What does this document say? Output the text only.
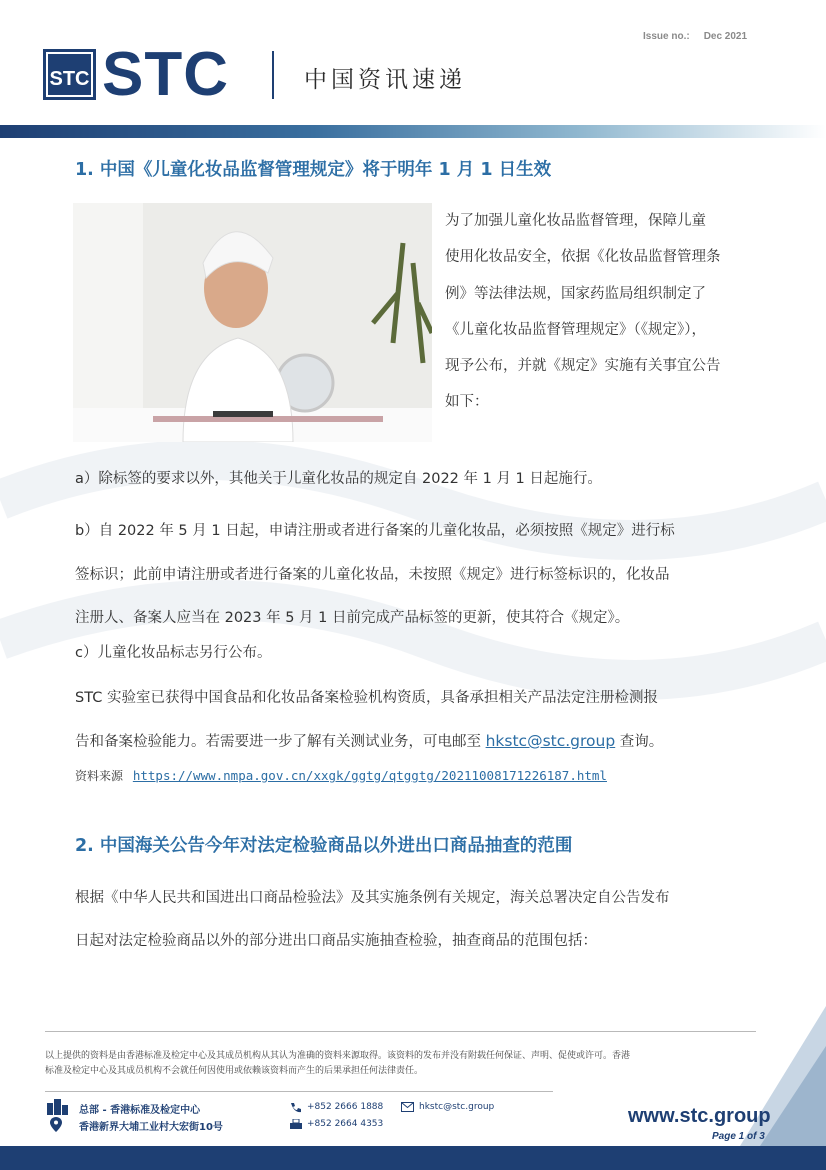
Issue no.: Dec 2021
STC STC	中国资讯速递
1. 中国《儿童化妆品监督管理规定》将于明年 1 月 1 日生效
为了加强儿童化妆品监督管理，保障儿童
使用化妆品安全，依据《化妆品监督管理条
例》等法律法规，国家药监局组织制定了
《儿童化妆品监督管理规定》（《规定》），
现予公布，并就《规定》实施有关事宜公告
如下：
a）除标签的要求以外，其他关于儿童化妆品的规定自 2022 年 1 月 1 日起施行。
b）自 2022 年 5 月 1 日起，申请注册或者进行备案的儿童化妆品，必须按照《规定》进行标
签标识；此前申请注册或者进行备案的儿童化妆品，未按照《规定》进行标签标识的，化妆品
注册人、备案人应当在 2023 年 5 月 1 日前完成产品标签的更新，使其符合《规定》。
c）儿童化妆品标志另行公布。
STC 实验室已获得中国食品和化妆品备案检验机构资质，具备承担相关产品法定注册检测报
告和备案检验能力。若需要进一步了解有关测试业务，可电邮至 hkstc@stc.group 查询。
资料来源 https://www.nmpa.gov.cn/xxgk/ggtg/qtggtg/20211008171226187.html
2. 中国海关公告今年对法定检验商品以外进出口商品抽查的范围
根据《中华人民共和国进出口商品检验法》及其实施条例有关规定，海关总署决定自公告发布
日起对法定检验商品以外的部分进出口商品实施抽查检验，抽查商品的范围包括：
以上提供的资料是由香港标准及检定中心及其成员机构从其认为准确的资料来源取得。该资料的发布并没有附载任何保证、声明、促使或许可。香港
标准及检定中心及其成员机构不会就任何因使用或依赖该资料而产生的后果承担任何法律责任。
总部 - 香港标准及检定中心
香港新界大埔工业村大宏街10号
+852 2666 1888
+852 2664 4353
hkstc@stc.group	www.stc.group
Page 1 of 3
